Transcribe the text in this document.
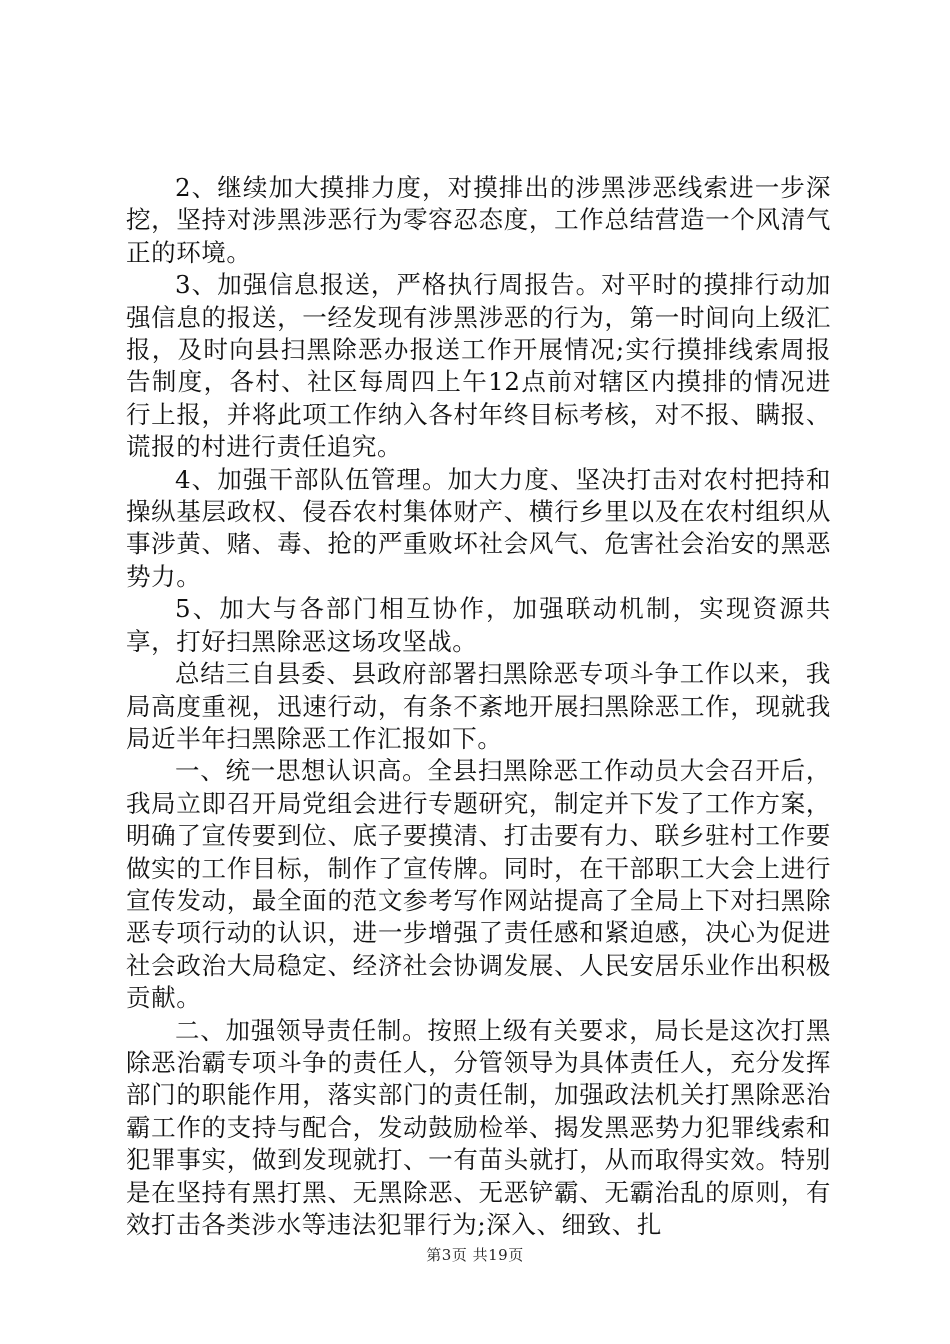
2、继续加大摸排力度，对摸排出的涉黑涉恶线索进一步深挖，坚持对涉黑涉恶行为零容忍态度，工作总结营造一个风清气正的环境。

3、加强信息报送，严格执行周报告。对平时的摸排行动加强信息的报送，一经发现有涉黑涉恶的行为，第一时间向上级汇报，及时向县扫黑除恶办报送工作开展情况;实行摸排线索周报告制度，各村、社区每周四上午12点前对辖区内摸排的情况进行上报，并将此项工作纳入各村年终目标考核，对不报、瞒报、谎报的村进行责任追究。

4、加强干部队伍管理。加大力度、坚决打击对农村把持和操纵基层政权、侵吞农村集体财产、横行乡里以及在农村组织从事涉黄、赌、毒、抢的严重败坏社会风气、危害社会治安的黑恶势力。

5、加大与各部门相互协作，加强联动机制，实现资源共享，打好扫黑除恶这场攻坚战。

总结三自县委、县政府部署扫黑除恶专项斗争工作以来，我局高度重视，迅速行动，有条不紊地开展扫黑除恶工作，现就我局近半年扫黑除恶工作汇报如下。

一、统一思想认识高。全县扫黑除恶工作动员大会召开后，我局立即召开局党组会进行专题研究，制定并下发了工作方案，明确了宣传要到位、底子要摸清、打击要有力、联乡驻村工作要做实的工作目标，制作了宣传牌。同时，在干部职工大会上进行宣传发动，最全面的范文参考写作网站提高了全局上下对扫黑除恶专项行动的认识，进一步增强了责任感和紧迫感，决心为促进社会政治大局稳定、经济社会协调发展、人民安居乐业作出积极贡献。

二、加强领导责任制。按照上级有关要求，局长是这次打黑除恶治霸专项斗争的责任人，分管领导为具体责任人，充分发挥部门的职能作用，落实部门的责任制，加强政法机关打黑除恶治霸工作的支持与配合，发动鼓励检举、揭发黑恶势力犯罪线索和犯罪事实，做到发现就打、一有苗头就打，从而取得实效。特别是在坚持有黑打黑、无黑除恶、无恶铲霸、无霸治乱的原则，有效打击各类涉水等违法犯罪行为;深入、细致、扎

第3页 共19页
